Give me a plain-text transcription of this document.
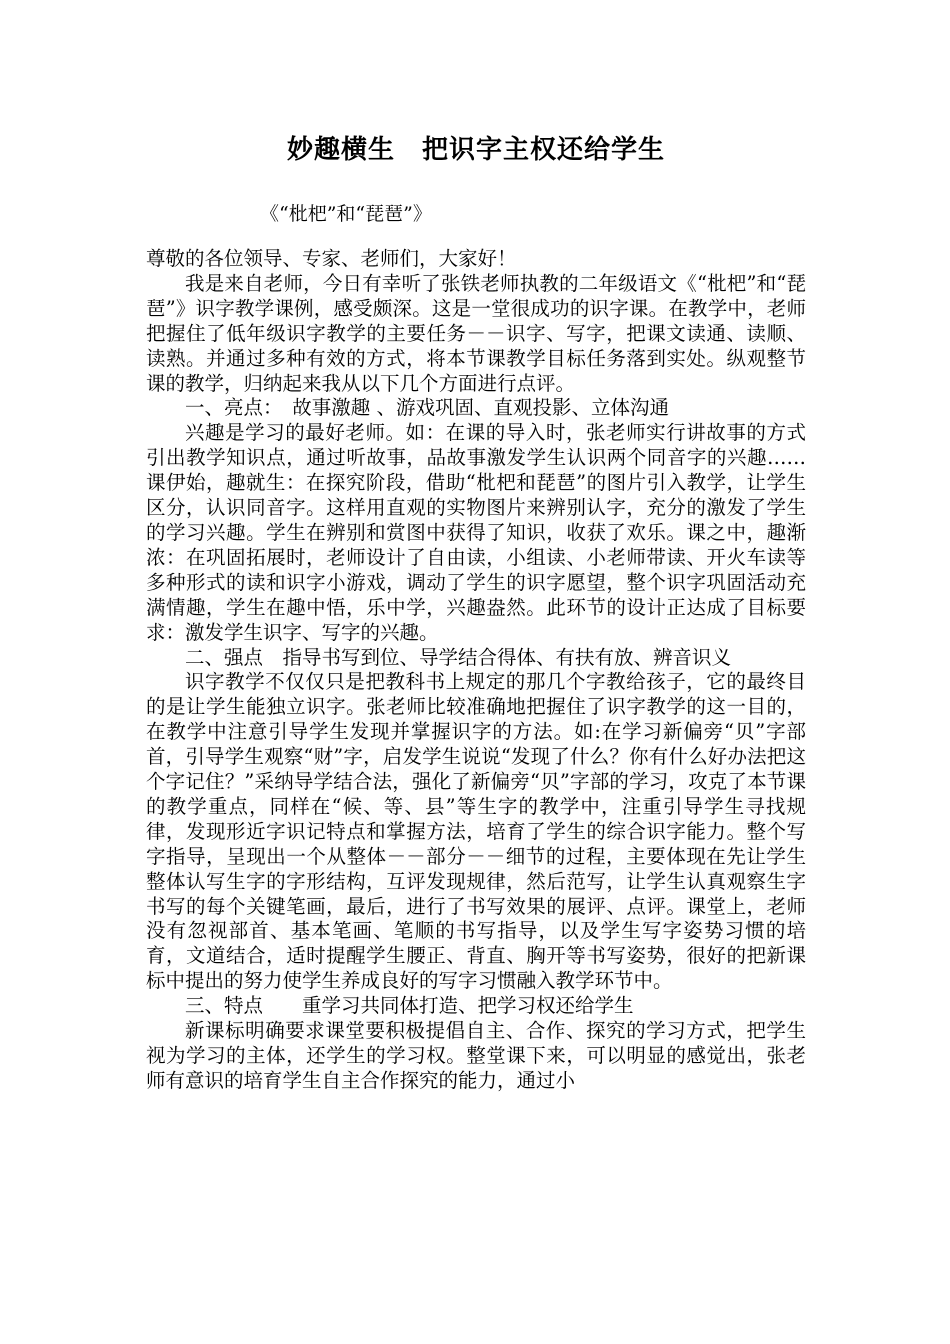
妙趣横生　把识字主权还给学生
《“枇杷”和“琵琶”》

尊敬的各位领导、专家、老师们，大家好！

我是来自老师，今日有幸听了张铁老师执教的二年级语文《“枇杷”和“琵琶”》识字教学课例，感受颇深。这是一堂很成功的识字课。在教学中，老师把握住了低年级识字教学的主要任务－－识字、写字，把课文读通、读顺、读熟。并通过多种有效的方式，将本节课教学目标任务落到实处。纵观整节课的教学，归纳起来我从以下几个方面进行点评。

一、亮点：　故事激趣 、游戏巩固、直观投影、立体沟通

兴趣是学习的最好老师。如：在课的导入时，张老师实行讲故事的方式引出教学知识点，通过听故事，品故事激发学生认识两个同音字的兴趣……课伊始，趣就生：在探究阶段，借助“枇杷和琵琶”的图片引入教学，让学生区分，认识同音字。这样用直观的实物图片来辨别认字，充分的激发了学生的学习兴趣。学生在辨别和赏图中获得了知识，收获了欢乐。课之中，趣渐浓：在巩固拓展时，老师设计了自由读，小组读、小老师带读、开火车读等多种形式的读和识字小游戏，调动了学生的识字愿望，整个识字巩固活动充满情趣，学生在趣中悟，乐中学，兴趣盎然。此环节的设计正达成了目标要求：激发学生识字、写字的兴趣。

二、强点　指导书写到位、导学结合得体、有扶有放、辨音识义

识字教学不仅仅只是把教科书上规定的那几个字教给孩子，它的最终目的是让学生能独立识字。张老师比较准确地把握住了识字教学的这一目的，在教学中注意引导学生发现并掌握识字的方法。如:在学习新偏旁“贝”字部首，引导学生观察“财”字，启发学生说说“发现了什么？你有什么好办法把这个字记住？”采纳导学结合法，强化了新偏旁“贝”字部的学习，攻克了本节课的教学重点，同样在“候、等、县”等生字的教学中，注重引导学生寻找规律，发现形近字识记特点和掌握方法，培育了学生的综合识字能力。整个写字指导，呈现出一个从整体－－部分－－细节的过程，主要体现在先让学生整体认写生字的字形结构，互评发现规律，然后范写，让学生认真观察生字书写的每个关键笔画，最后，进行了书写效果的展评、点评。课堂上，老师没有忽视部首、基本笔画、笔顺的书写指导，以及学生写字姿势习惯的培育，文道结合，适时提醒学生腰正、背直、胸开等书写姿势，很好的把新课标中提出的努力使学生养成良好的写字习惯融入教学环节中。

三、特点　　重学习共同体打造、把学习权还给学生

新课标明确要求课堂要积极提倡自主、合作、探究的学习方式，把学生视为学习的主体，还学生的学习权。整堂课下来，可以明显的感觉出，张老师有意识的培育学生自主合作探究的能力，通过小
